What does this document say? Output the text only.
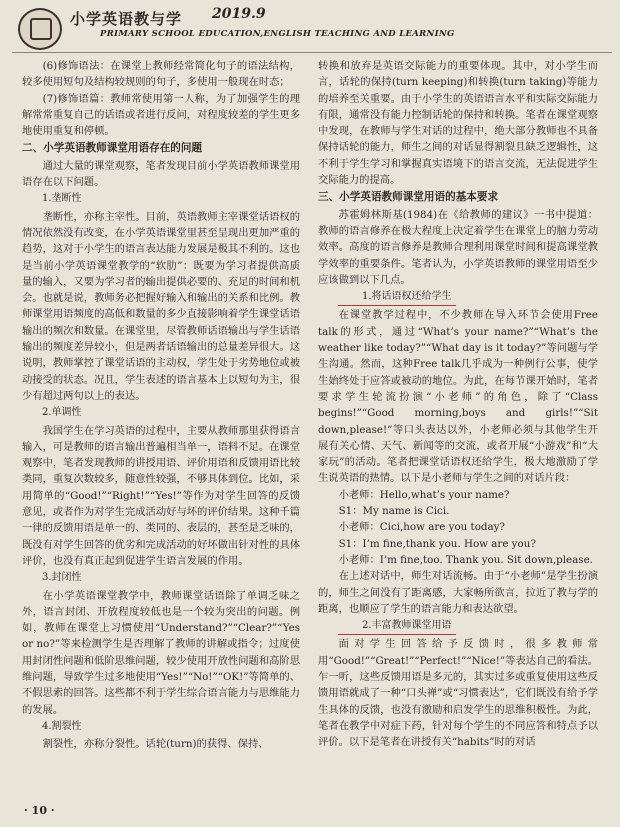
小学英语教与学 2019.9
PRIMARY SCHOOL EDUCATION,ENGLISH TEACHING AND LEARNING
(6)修饰语法：在课堂上教师经常简化句子的语法结构，较多使用短句及结构较规则的句子，多使用一般现在时态；
(7)修饰语篇：教师常使用第一人称，为了加强学生的理解常常重复自己的话语或者进行反问，对程度较差的学生更多地使用重复和停顿。
二、小学英语教师课堂用语存在的问题
通过大量的课堂观察，笔者发现目前小学英语教师课堂用语存在以下问题。
1.垄断性
垄断性，亦称主宰性。目前，英语教师主宰课堂话语权的情况依然没有改变，在小学英语课堂里甚至呈现出更加严重的趋势，这对于小学生的语言表达能力发展是极其不利的。这也是当前小学英语课堂教学的“软肋”：既要为学习者提供高质量的输入，又要为学习者的输出提供必要的、充足的时间和机会。也就是说，教师务必把握好输入和输出的关系和比例。教师课堂用语频度的高低和数量的多少直接影响着学生课堂话语输出的频次和数量。在课堂里，尽管教师话语输出与学生话语输出的频度差异较小，但是两者话语输出的总量差异很大。这说明，教师掌控了课堂话语的主动权，学生处于劣势地位或被动接受的状态。况且，学生表述的语言基本上以短句为主，很少有超过两句以上的表达。
2.单调性
我国学生在学习英语的过程中，主要从教师那里获得语言输入，可是教师的语言输出普遍相当单一，语料不足。在课堂观察中，笔者发现教师的讲授用语、评价用语和反馈用语比较类同，重复次数较多，随意性较强，不够具体到位。比如，采用简单的“Good!”“Right!”“Yes!”等作为对学生回答的反馈意见，或者作为对学生完成活动好与坏的评价结果。这种千篇一律的反馈用语是单一的、类同的、表层的，甚至是乏味的，既没有对学生回答的优劣和完成活动的好坏做出针对性的具体评价，也没有真正起到促进学生语言发展的作用。
3.封闭性
在小学英语课堂教学中，教师课堂话语除了单调乏味之外，语言封闭、开放程度较低也是一个较为突出的问题。例如，教师在课堂上习惯使用“Understand?”“Clear?”“Yes or no?”等来检测学生是否理解了教师的讲解或指令；过度使用封闭性问题和低阶思维问题，较少使用开放性问题和高阶思维问题，导致学生过多地使用“Yes!”“No!”“OK!”等简单的、不假思索的回答。这些都不利于学生综合语言能力与思维能力的发展。
4.割裂性
割裂性，亦称分裂性。话轮(turn)的获得、保持、
转换和放弃是英语交际能力的重要体现。其中，对小学生而言，话轮的保持(turn keeping)和转换(turn taking)等能力的培养至关重要。由于小学生的英语语言水平和实际交际能力有限，通常没有能力控制话轮的保持和转换。笔者在课堂观察中发现，在教师与学生对话的过程中，绝大部分教师也不具备保持话轮的能力，师生之间的对话显得割裂且缺乏逻辑性，这不利于学生学习和掌握真实语境下的语言交流，无法促进学生交际能力的提高。
三、小学英语教师课堂用语的基本要求
苏霍姆林斯基(1984)在《给教师的建议》一书中提道：教师的语言修养在极大程度上决定着学生在课堂上的脑力劳动效率。高度的语言修养是教师合理利用课堂时间和提高课堂教学效率的重要条件。笔者认为，小学英语教师的课堂用语至少应该做到以下几点。
1.将话语权还给学生
在课堂教学过程中，不少教师在导入环节会使用Free talk的形式，通过“What’s your name?”“What’s the weather like today?”“What day is it today?”等问题与学生沟通。然而，这种Free talk几乎成为一种例行公事，使学生始终处于应答或被动的地位。为此，在每节课开始时，笔者要求学生轮流扮演“小老师”的角色，除了“Class begins!”“Good morning,boys and girls!”“Sit down,please!”等口头表达以外，小老师必须与其他学生开展有关心情、天气、新闻等的交流，或者开展“小游戏”和“大家玩”的活动。笔者把课堂话语权还给学生，极大地激励了学生说英语的热情。以下是小老师与学生之间的对话片段：
小老师：Hello,what’s your name?
S1：My name is Cici.
小老师：Cici,how are you today?
S1：I’m fine,thank you. How are you?
小老师：I’m fine,too. Thank you. Sit down,please.
在上述对话中，师生对话流畅。由于“小老师”是学生扮演的，师生之间没有了距离感，大家畅所欲言，拉近了教与学的距离，也顺应了学生的语言能力和表达欲望。
2.丰富教师课堂用语
面对学生回答给予反馈时，很多教师常用“Good!”“Great!”“Perfect!”“Nice!”等表达自己的看法。乍一听，这些反馈用语是多元的，其实过多或重复使用这些反馈用语就成了一种“口头禅”或“习惯表达”，它们既没有给予学生具体的反馈，也没有激励和启发学生的思维积极性。为此，笔者在教学中对症下药，针对每个学生的不同应答和特点予以评价。以下是笔者在讲授有关“habits”时的对话
· 10 ·
